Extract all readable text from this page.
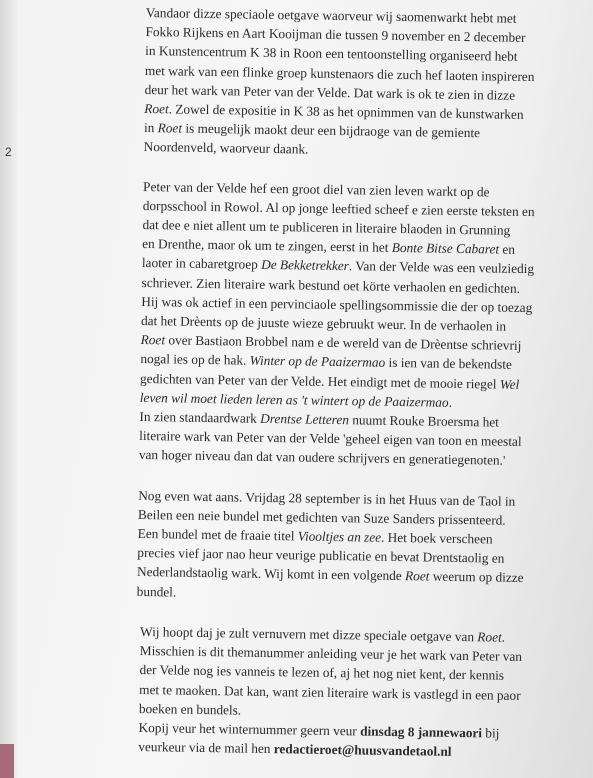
2
Vandaor dizze speciaole oetgave waorveur wij saomenwarkt hebt met
Fokko Rijkens en Aart Kooijman die tussen 9 november en 2 december
in Kunstencentrum K 38 in Roon een tentoonstelling organiseerd hebt
met wark van een flinke groep kunstenaors die zuch hef laoten inspireren
deur het wark van Peter van der Velde. Dat wark is ok te zien in dizze
Roet. Zowel de expositie in K 38 as het opnimmen van de kunstwarken
in Roet is meugelijk maokt deur een bijdraoge van de gemiente
Noordenveld, waorveur daank.
Peter van der Velde hef een groot diel van zien leven warkt op de
dorpsschool in Rowol. Al op jonge leeftied scheef e zien eerste teksten en
dat dee e niet allent um te publiceren in literaire blaoden in Grunning
en Drenthe, maor ok um te zingen, eerst in het Bonte Bitse Cabaret en
laoter in cabaretgroep De Bekketrekker. Van der Velde was een veulziedig
schriever. Zien literaire wark bestund oet körte verhaolen en gedichten.
Hij was ok actief in een pervinciaole spellingsommissie die der op toezag
dat het Drèents op de juuste wieze gebruukt weur. In de verhaolen in
Roet over Bastiaon Brobbel nam e de wereld van de Drèentse schrievrij
nogal ies op de hak. Winter op de Paaizermao is ien van de bekendste
gedichten van Peter van der Velde. Het eindigt met de mooie riegel Wel
leven wil moet lieden leren as 't wintert op de Paaizermao.
In zien standaardwark Drentse Letteren nuumt Rouke Broersma het
literaire wark van Peter van der Velde 'geheel eigen van toon en meestal
van hoger niveau dan dat van oudere schrijvers en generatiegenoten.'
Nog even wat aans. Vrijdag 28 september is in het Huus van de Taol in
Beilen een neie bundel met gedichten van Suze Sanders prissenteerd.
Een bundel met de fraaie titel Viooltjes an zee. Het boek verscheen
precies vief jaor nao heur veurige publicatie en bevat Drentstaolig en
Nederlandstaolig wark. Wij komt in een volgende Roet weerum op dizze
bundel.
Wij hoopt daj je zult vernuvern met dizze speciale oetgave van Roet.
Misschien is dit themanummer anleiding veur je het wark van Peter van
der Velde nog ies vanneis te lezen of, aj het nog niet kent, der kennis
met te maoken. Dat kan, want zien literaire wark is vastlegd in een paor
boeken en bundels.
Kopij veur het winternummer geern veur dinsdag 8 jannewaori bij
veurkeur via de mail hen redactieroet@huusvandetaol.nl
